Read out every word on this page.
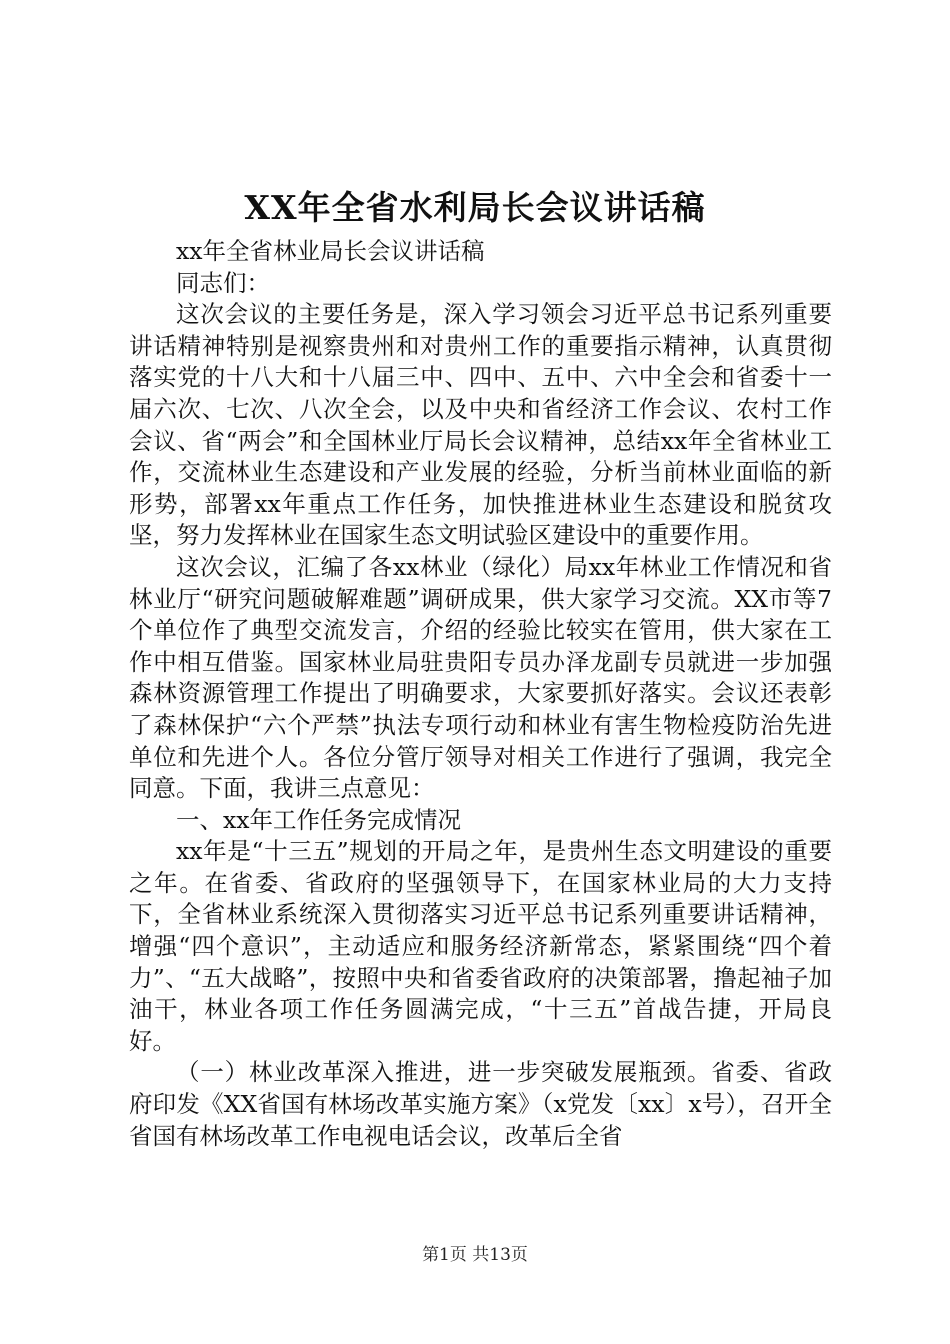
XX年全省水利局长会议讲话稿

xx年全省林业局长会议讲话稿

同志们：

这次会议的主要任务是，深入学习领会习近平总书记系列重要讲话精神特别是视察贵州和对贵州工作的重要指示精神，认真贯彻落实党的十八大和十八届三中、四中、五中、六中全会和省委十一届六次、七次、八次全会，以及中央和省经济工作会议、农村工作会议、省“两会”和全国林业厅局长会议精神，总结xx年全省林业工作，交流林业生态建设和产业发展的经验，分析当前林业面临的新形势，部署xx年重点工作任务，加快推进林业生态建设和脱贫攻坚，努力发挥林业在国家生态文明试验区建设中的重要作用。

这次会议，汇编了各xx林业（绿化）局xx年林业工作情况和省林业厅“研究问题破解难题”调研成果，供大家学习交流。XX市等7个单位作了典型交流发言，介绍的经验比较实在管用，供大家在工作中相互借鉴。国家林业局驻贵阳专员办泽龙副专员就进一步加强森林资源管理工作提出了明确要求，大家要抓好落实。会议还表彰了森林保护“六个严禁”执法专项行动和林业有害生物检疫防治先进单位和先进个人。各位分管厅领导对相关工作进行了强调，我完全同意。下面，我讲三点意见：

一、xx年工作任务完成情况

xx年是“十三五”规划的开局之年，是贵州生态文明建设的重要之年。在省委、省政府的坚强领导下，在国家林业局的大力支持下，全省林业系统深入贯彻落实习近平总书记系列重要讲话精神，增强“四个意识”，主动适应和服务经济新常态，紧紧围绕“四个着力”、“五大战略”，按照中央和省委省政府的决策部署，撸起袖子加油干，林业各项工作任务圆满完成，“十三五”首战告捷，开局良好。

（一）林业改革深入推进，进一步突破发展瓶颈。省委、省政府印发《XX省国有林场改革实施方案》（x党发〔xx〕x号），召开全省国有林场改革工作电视电话会议，改革后全省

第1页 共13页
